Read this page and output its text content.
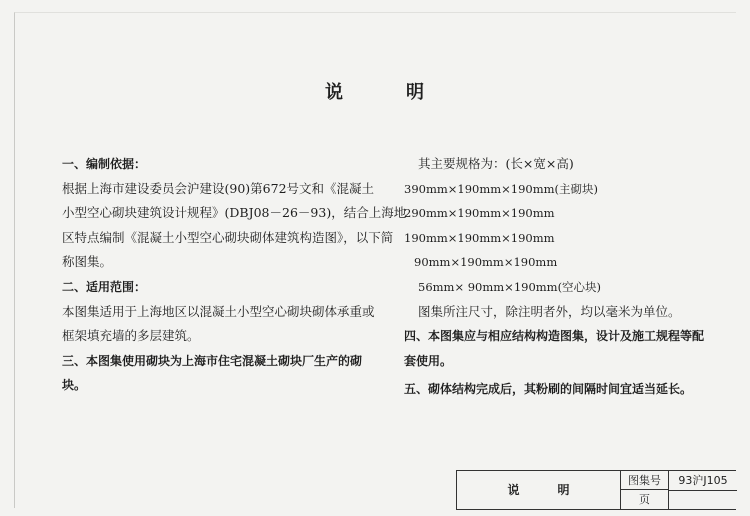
说	明
一、编制依据：
根据上海市建设委员会沪建设(90)第672号文和《混凝土
小型空心砌块建筑设计规程》(DBJ08－26－93)，结合上海地
区特点编制《混凝土小型空心砌块砌体建筑构造图》，以下简
称图集。
二、适用范围：
本图集适用于上海地区以混凝土小型空心砌块砌体承重或
框架填充墙的多层建筑。
三、本图集使用砌块为上海市住宅混凝土砌块厂生产的砌
块。
其主要规格为：(长×宽×高)
390mm×190mm×190mm(主砌块)
290mm×190mm×190mm
190mm×190mm×190mm
90mm×190mm×190mm
56mm× 90mm×190mm(空心块)
图集所注尺寸，除注明者外，均以毫米为单位。
四、本图集应与相应结构构造图集，设计及施工规程等配
套使用。
五、砌体结构完成后，其粉刷的间隔时间宜适当延长。
说	明
图集号	93沪J105
页
